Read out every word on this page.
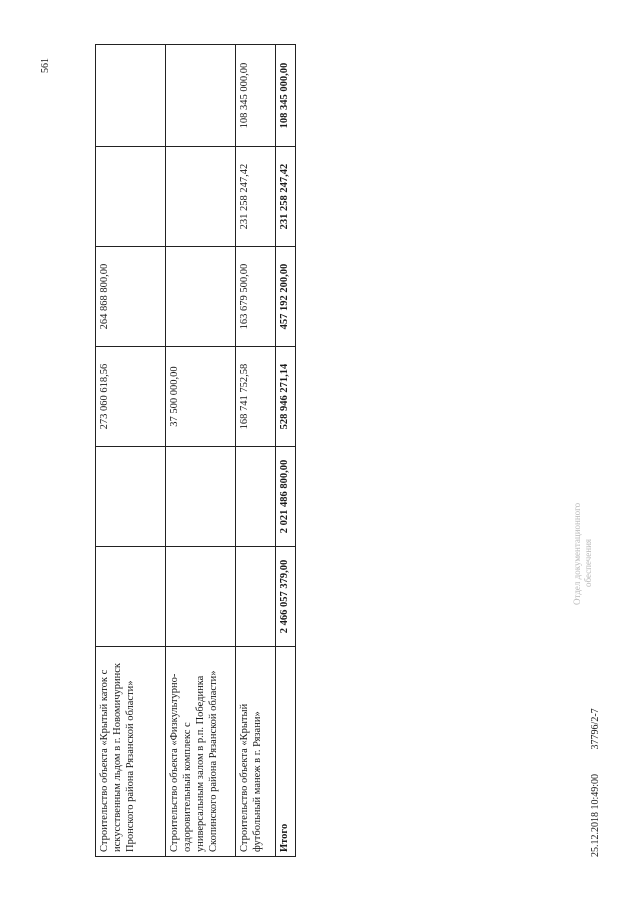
561
Строительство объекта «Крытый каток с искусственным льдом в г. Новомичуринск Пронского района Рязанской области»			273 060 618,56	264 868 800,00		
Строительство объекта «Физкультурно-оздоровительный комплекс с универсальным залом в р.п. Побединка Скопинского района Рязанской области»			37 500 000,00			
Строительство объекта «Крытый футбольный манеж в г. Рязани»			168 741 752,58	163 679 500,00	231 258 247,42	108 345 000,00
Итого	2 466 057 379,00	2 021 486 800,00	528 946 271,14	457 192 200,00	231 258 247,42	108 345 000,00
Отдел документационного обеспечения
25.12.2018 10:49:00 37796/2-7
